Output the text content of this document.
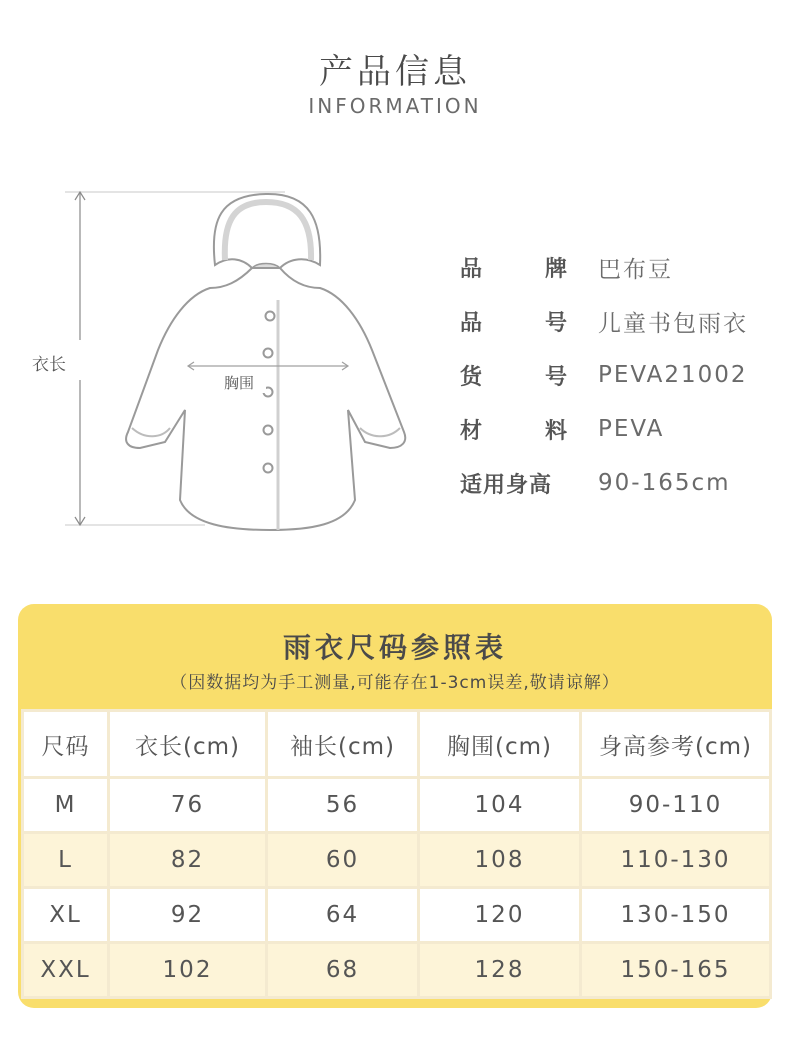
产品信息
INFORMATION
衣长
胸围
品	牌 巴布豆
品	号 儿童书包雨衣
货	号 PEVA21002
材	料 PEVA
适用身高 90-165cm
雨衣尺码参照表
（因数据均为手工测量,可能存在1-3cm误差,敬请谅解）
尺码	衣长(cm)	袖长(cm)	胸围(cm)	身高参考(cm)
M	76	56	104	90-110
L	82	60	108	110-130
XL	92	64	120	130-150
XXL	102	68	128	150-165
